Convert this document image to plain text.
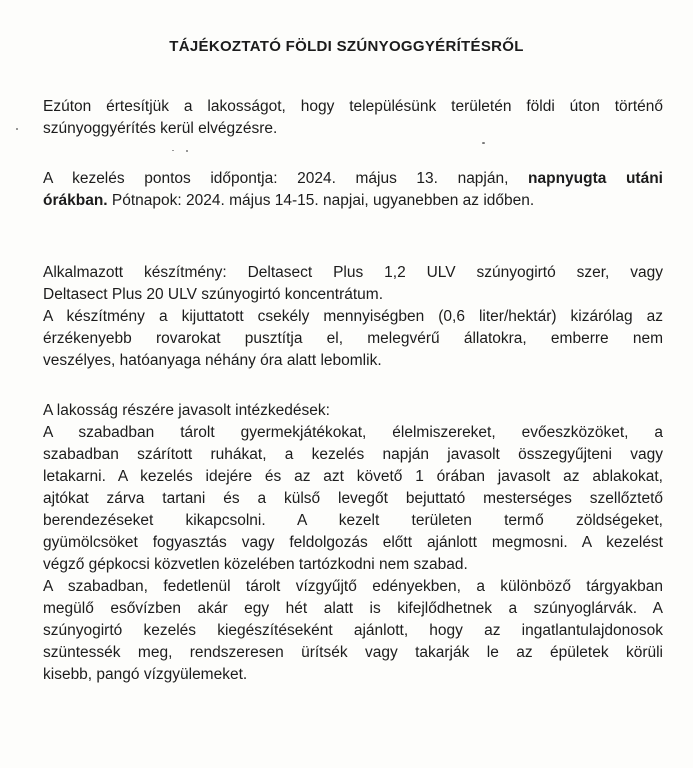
TÁJÉKOZTATÓ FÖLDI SZÚNYOGGYÉRÍTÉSRŐL
Ezúton értesítjük a lakosságot, hogy településünk területén földi úton történő
szúnyoggyérítés kerül elvégzésre.
A kezelés pontos időpontja: 2024. május 13. napján, napnyugta utáni
órákban. Pótnapok: 2024. május 14-15. napjai, ugyanebben az időben.
Alkalmazott készítmény: Deltasect Plus 1,2 ULV szúnyogirtó szer, vagy
Deltasect Plus 20 ULV szúnyogirtó koncentrátum.
A készítmény a kijuttatott csekély mennyiségben (0,6 liter/hektár) kizárólag az
érzékenyebb rovarokat pusztítja el, melegvérű állatokra, emberre nem
veszélyes, hatóanyaga néhány óra alatt lebomlik.
A lakosság részére javasolt intézkedések:
A szabadban tárolt gyermekjátékokat, élelmiszereket, evőeszközöket, a
szabadban szárított ruhákat, a kezelés napján javasolt összegyűjteni vagy
letakarni. A kezelés idejére és az azt követő 1 órában javasolt az ablakokat,
ajtókat zárva tartani és a külső levegőt bejuttató mesterséges szellőztető
berendezéseket kikapcsolni. A kezelt területen termő zöldségeket,
gyümölcsöket fogyasztás vagy feldolgozás előtt ajánlott megmosni. A kezelést
végző gépkocsi közvetlen közelében tartózkodni nem szabad.
A szabadban, fedetlenül tárolt vízgyűjtő edényekben, a különböző tárgyakban
megülő esővízben akár egy hét alatt is kifejlődhetnek a szúnyoglárvák. A
szúnyogirtó kezelés kiegészítéseként ajánlott, hogy az ingatlantulajdonosok
szüntessék meg, rendszeresen ürítsék vagy takarják le az épületek körüli
kisebb, pangó vízgyülemeket.
